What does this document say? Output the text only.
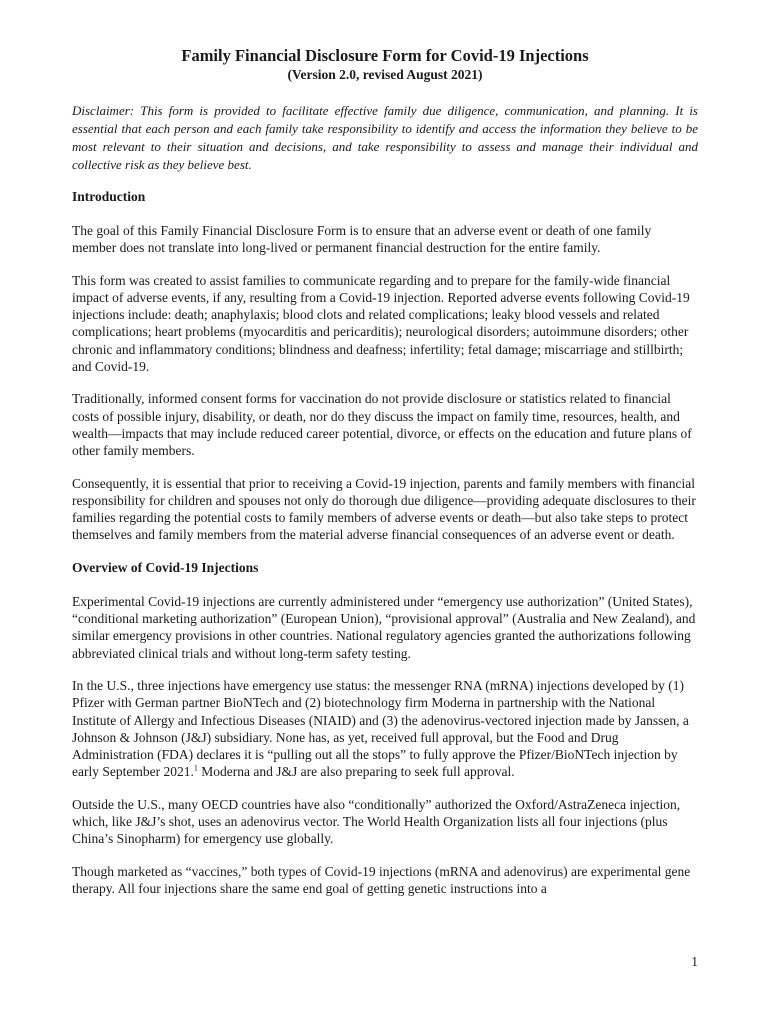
Family Financial Disclosure Form for Covid-19 Injections

(Version 2.0, revised August 2021)

Disclaimer: This form is provided to facilitate effective family due diligence, communication, and planning. It is essential that each person and each family take responsibility to identify and access the information they believe to be most relevant to their situation and decisions, and take responsibility to assess and manage their individual and collective risk as they believe best.

Introduction

The goal of this Family Financial Disclosure Form is to ensure that an adverse event or death of one family member does not translate into long-lived or permanent financial destruction for the entire family.

This form was created to assist families to communicate regarding and to prepare for the family-wide financial impact of adverse events, if any, resulting from a Covid-19 injection. Reported adverse events following Covid-19 injections include: death; anaphylaxis; blood clots and related complications; leaky blood vessels and related complications; heart problems (myocarditis and pericarditis); neurological disorders; autoimmune disorders; other chronic and inflammatory conditions; blindness and deafness; infertility; fetal damage; miscarriage and stillbirth; and Covid-19.

Traditionally, informed consent forms for vaccination do not provide disclosure or statistics related to financial costs of possible injury, disability, or death, nor do they discuss the impact on family time, resources, health, and wealth—impacts that may include reduced career potential, divorce, or effects on the education and future plans of other family members.

Consequently, it is essential that prior to receiving a Covid-19 injection, parents and family members with financial responsibility for children and spouses not only do thorough due diligence—providing adequate disclosures to their families regarding the potential costs to family members of adverse events or death—but also take steps to protect themselves and family members from the material adverse financial consequences of an adverse event or death.

Overview of Covid-19 Injections

Experimental Covid-19 injections are currently administered under “emergency use authorization” (United States), “conditional marketing authorization” (European Union), “provisional approval” (Australia and New Zealand), and similar emergency provisions in other countries. National regulatory agencies granted the authorizations following abbreviated clinical trials and without long-term safety testing.

In the U.S., three injections have emergency use status: the messenger RNA (mRNA) injections developed by (1) Pfizer with German partner BioNTech and (2) biotechnology firm Moderna in partnership with the National Institute of Allergy and Infectious Diseases (NIAID) and (3) the adenovirus-vectored injection made by Janssen, a Johnson & Johnson (J&J) subsidiary. None has, as yet, received full approval, but the Food and Drug Administration (FDA) declares it is “pulling out all the stops” to fully approve the Pfizer/BioNTech injection by early September 2021.$^1$ Moderna and J&J are also preparing to seek full approval.

Outside the U.S., many OECD countries have also “conditionally” authorized the Oxford/AstraZeneca injection, which, like J&J’s shot, uses an adenovirus vector. The World Health Organization lists all four injections (plus China’s Sinopharm) for emergency use globally.

Though marketed as “vaccines,” both types of Covid-19 injections (mRNA and adenovirus) are experimental gene therapy. All four injections share the same end goal of getting genetic instructions into a

1
